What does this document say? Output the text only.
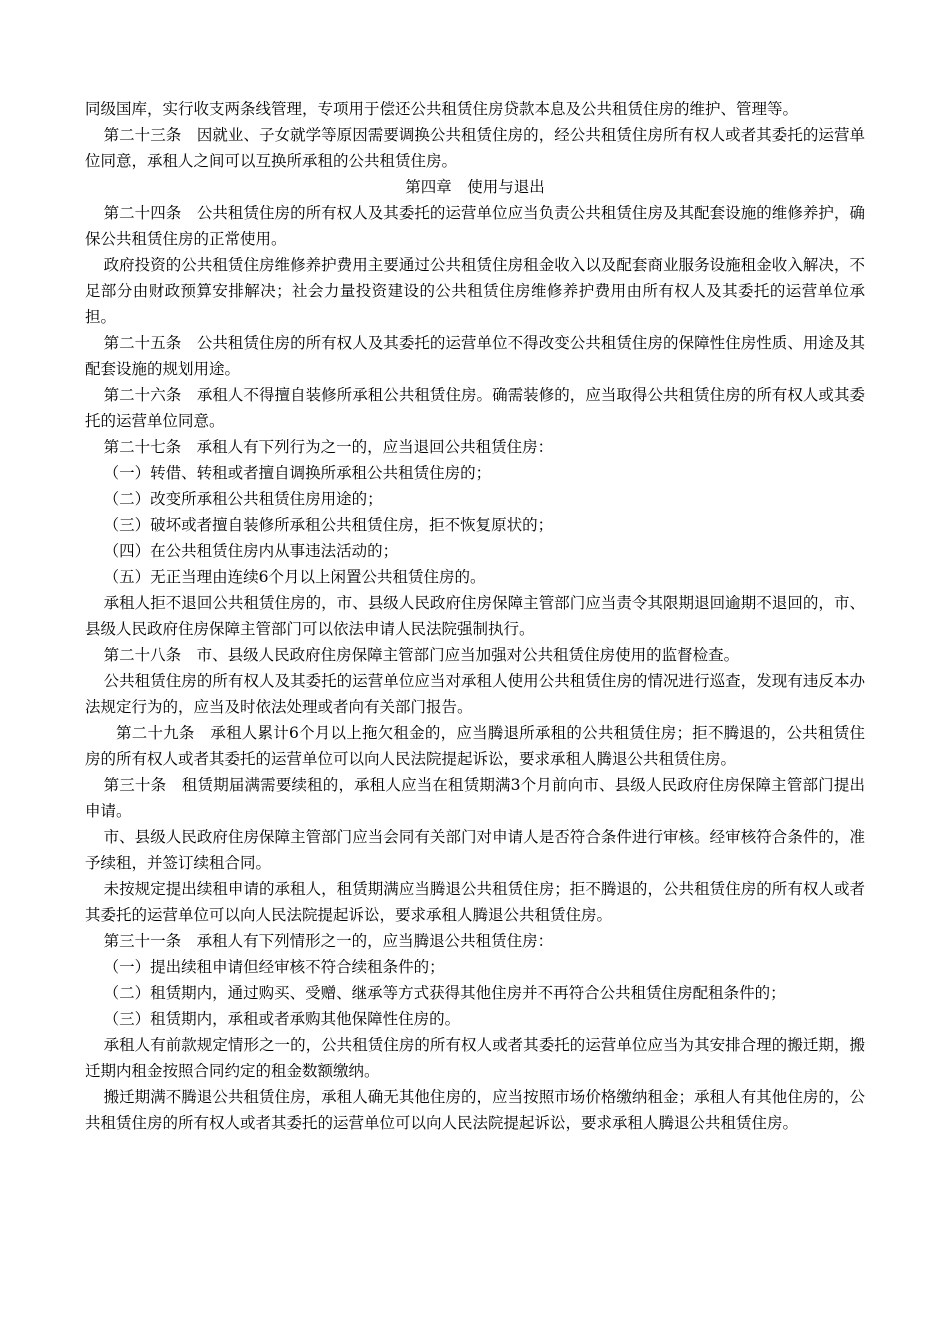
同级国库，实行收支两条线管理，专项用于偿还公共租赁住房贷款本息及公共租赁住房的维护、管理等。

第二十三条　因就业、子女就学等原因需要调换公共租赁住房的，经公共租赁住房所有权人或者其委托的运营单位同意，承租人之间可以互换所承租的公共租赁住房。

第四章　使用与退出

第二十四条　公共租赁住房的所有权人及其委托的运营单位应当负责公共租赁住房及其配套设施的维修养护，确保公共租赁住房的正常使用。

政府投资的公共租赁住房维修养护费用主要通过公共租赁住房租金收入以及配套商业服务设施租金收入解决，不足部分由财政预算安排解决；社会力量投资建设的公共租赁住房维修养护费用由所有权人及其委托的运营单位承担。

第二十五条　公共租赁住房的所有权人及其委托的运营单位不得改变公共租赁住房的保障性住房性质、用途及其配套设施的规划用途。

第二十六条　承租人不得擅自装修所承租公共租赁住房。确需装修的，应当取得公共租赁住房的所有权人或其委托的运营单位同意。

第二十七条　承租人有下列行为之一的，应当退回公共租赁住房：

（一）转借、转租或者擅自调换所承租公共租赁住房的；

（二）改变所承租公共租赁住房用途的；

（三）破坏或者擅自装修所承租公共租赁住房，拒不恢复原状的；

（四）在公共租赁住房内从事违法活动的；

（五）无正当理由连续6个月以上闲置公共租赁住房的。

承租人拒不退回公共租赁住房的，市、县级人民政府住房保障主管部门应当责令其限期退回逾期不退回的，市、县级人民政府住房保障主管部门可以依法申请人民法院强制执行。

第二十八条　市、县级人民政府住房保障主管部门应当加强对公共租赁住房使用的监督检查。

公共租赁住房的所有权人及其委托的运营单位应当对承租人使用公共租赁住房的情况进行巡查，发现有违反本办法规定行为的，应当及时依法处理或者向有关部门报告。

第二十九条　承租人累计6个月以上拖欠租金的，应当腾退所承租的公共租赁住房；拒不腾退的，公共租赁住房的所有权人或者其委托的运营单位可以向人民法院提起诉讼，要求承租人腾退公共租赁住房。

第三十条　租赁期届满需要续租的，承租人应当在租赁期满3个月前向市、县级人民政府住房保障主管部门提出申请。

市、县级人民政府住房保障主管部门应当会同有关部门对申请人是否符合条件进行审核。经审核符合条件的，准予续租，并签订续租合同。

未按规定提出续租申请的承租人，租赁期满应当腾退公共租赁住房；拒不腾退的，公共租赁住房的所有权人或者其委托的运营单位可以向人民法院提起诉讼，要求承租人腾退公共租赁住房。

第三十一条　承租人有下列情形之一的，应当腾退公共租赁住房：

（一）提出续租申请但经审核不符合续租条件的；

（二）租赁期内，通过购买、受赠、继承等方式获得其他住房并不再符合公共租赁住房配租条件的；

（三）租赁期内，承租或者承购其他保障性住房的。

承租人有前款规定情形之一的，公共租赁住房的所有权人或者其委托的运营单位应当为其安排合理的搬迁期，搬迁期内租金按照合同约定的租金数额缴纳。

搬迁期满不腾退公共租赁住房，承租人确无其他住房的，应当按照市场价格缴纳租金；承租人有其他住房的，公共租赁住房的所有权人或者其委托的运营单位可以向人民法院提起诉讼，要求承租人腾退公共租赁住房。
